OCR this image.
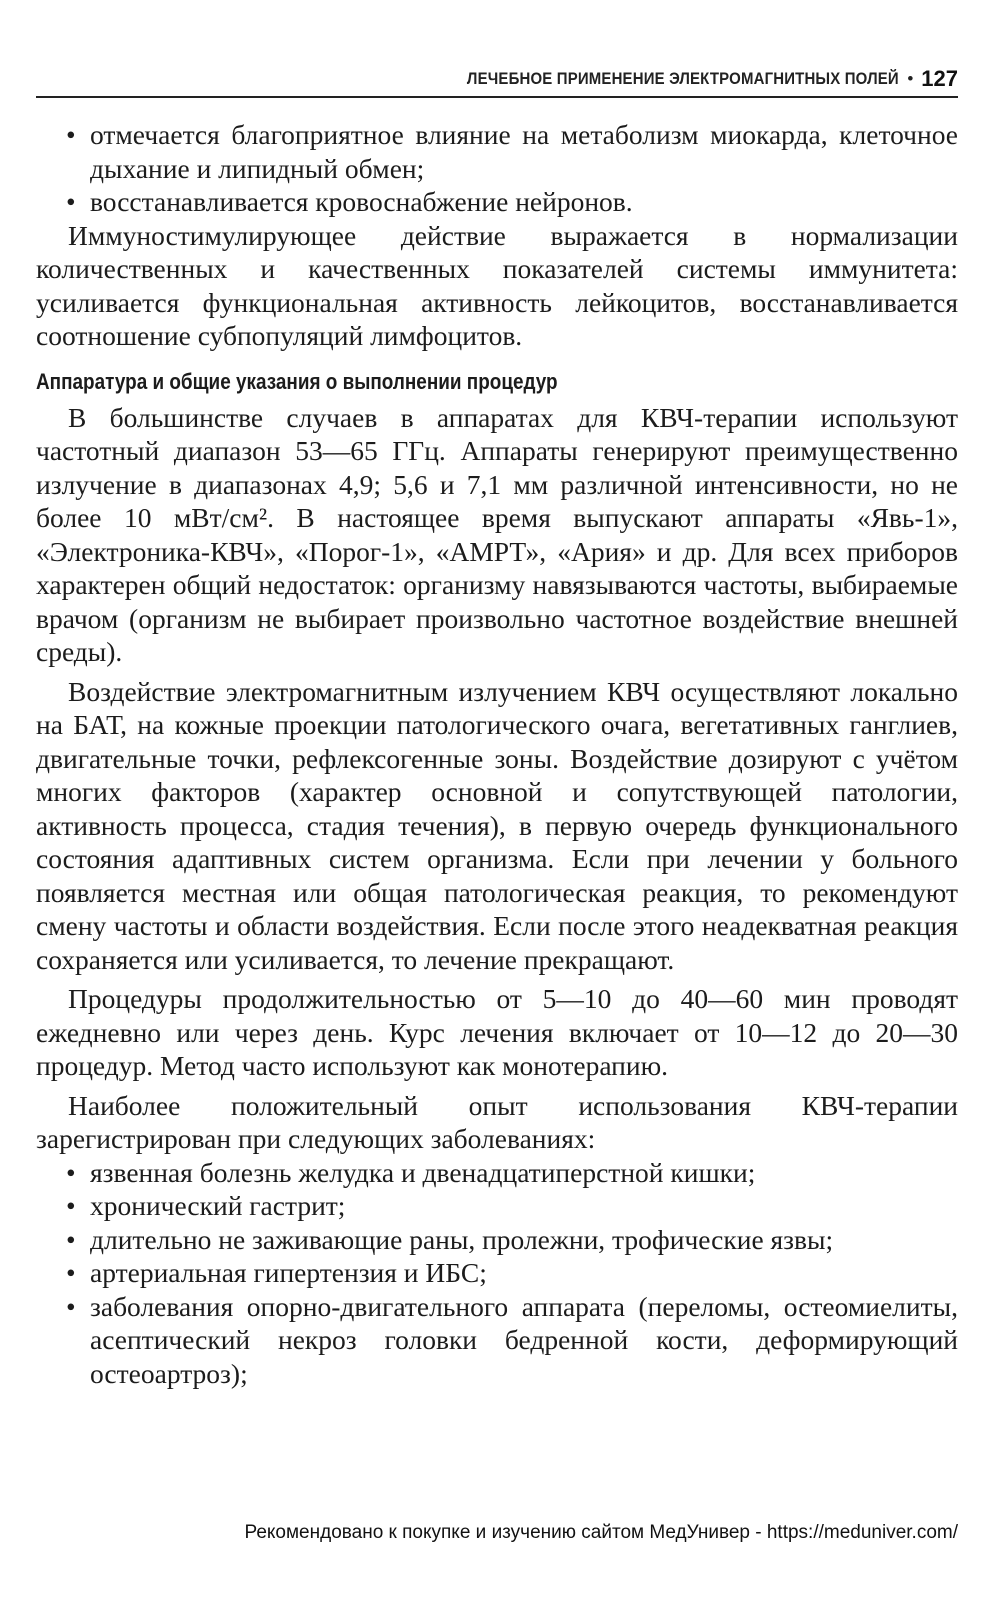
ЛЕЧЕБНОЕ ПРИМЕНЕНИЕ ЭЛЕКТРОМАГНИТНЫХ ПОЛЕЙ • 127
• отмечается благоприятное влияние на метаболизм миокарда, клеточное дыхание и липидный обмен;
• восстанавливается кровоснабжение нейронов.

Иммуностимулирующее действие выражается в нормализации количественных и качественных показателей системы иммунитета: усиливается функциональная активность лейкоцитов, восстанавливается соотношение субпопуляций лимфоцитов.

Аппаратура и общие указания о выполнении процедур

В большинстве случаев в аппаратах для КВЧ-терапии используют частотный диапазон 53—65 ГГц. Аппараты генерируют преимущественно излучение в диапазонах 4,9; 5,6 и 7,1 мм различной интенсивности, но не более 10 мВт/см². В настоящее время выпускают аппараты «Явь-1», «Электроника-КВЧ», «Порог-1», «АМРТ», «Ария» и др. Для всех приборов характерен общий недостаток: организму навязываются частоты, выбираемые врачом (организм не выбирает произвольно частотное воздействие внешней среды).

Воздействие электромагнитным излучением КВЧ осуществляют локально на БАТ, на кожные проекции патологического очага, вегетативных ганглиев, двигательные точки, рефлексогенные зоны. Воздействие дозируют с учётом многих факторов (характер основной и сопутствующей патологии, активность процесса, стадия течения), в первую очередь функционального состояния адаптивных систем организма. Если при лечении у больного появляется местная или общая патологическая реакция, то рекомендуют смену частоты и области воздействия. Если после этого неадекватная реакция сохраняется или усиливается, то лечение прекращают.

Процедуры продолжительностью от 5—10 до 40—60 мин проводят ежедневно или через день. Курс лечения включает от 10—12 до 20—30 процедур. Метод часто используют как монотерапию.

Наиболее положительный опыт использования КВЧ-терапии зарегистрирован при следующих заболеваниях:

• язвенная болезнь желудка и двенадцатиперстной кишки;
• хронический гастрит;
• длительно не заживающие раны, пролежни, трофические язвы;
• артериальная гипертензия и ИБС;
• заболевания опорно-двигательного аппарата (переломы, остеомиелиты, асептический некроз головки бедренной кости, деформирующий остеоартроз);
Рекомендовано к покупке и изучению сайтом МедУнивер - https://meduniver.com/
